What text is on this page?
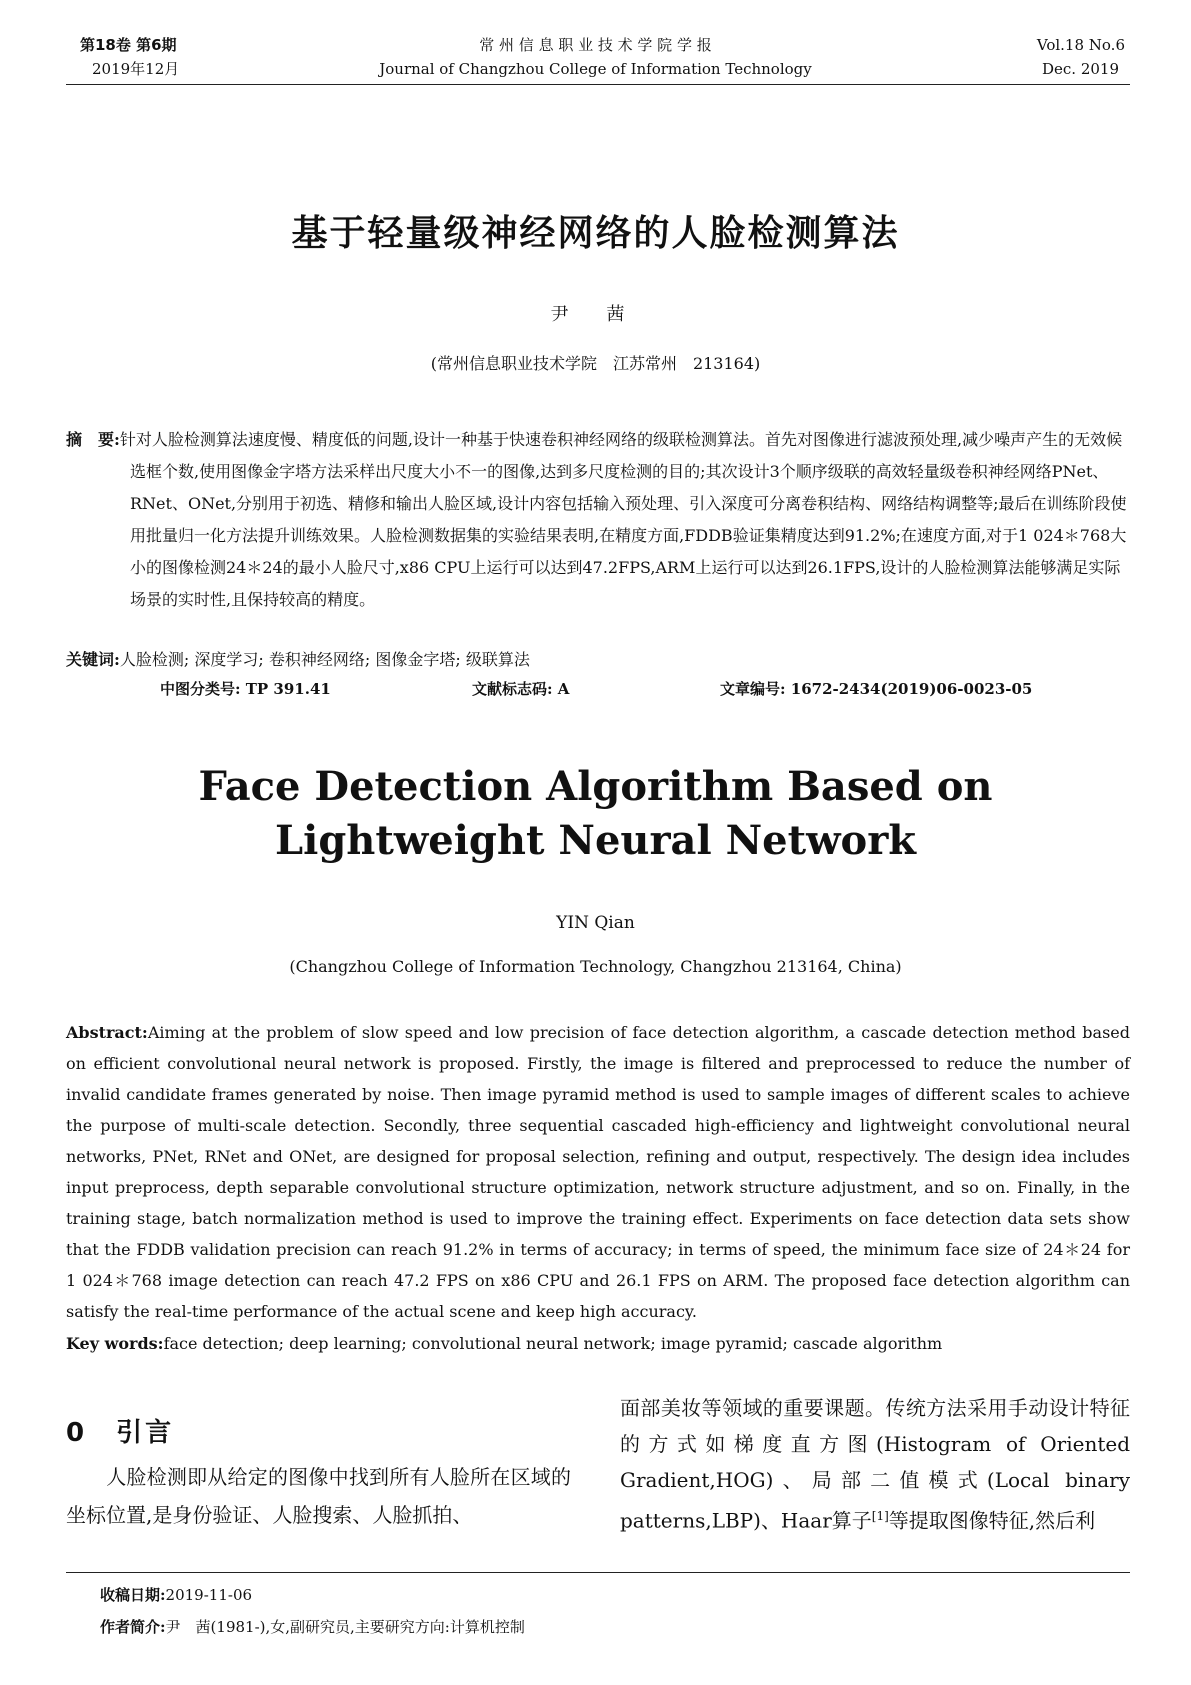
第18卷 第6期
2019年12月
常 州 信 息 职 业 技 术 学 院 学 报
Journal of Changzhou College of Information Technology
Vol.18 No.6
Dec. 2019
基于轻量级神经网络的人脸检测算法
尹 茜
(常州信息职业技术学院　江苏常州　213164)
摘　要:针对人脸检测算法速度慢、精度低的问题,设计一种基于快速卷积神经网络的级联检测算法。首先对图像进行滤波预处理,减少噪声产生的无效候选框个数,使用图像金字塔方法采样出尺度大小不一的图像,达到多尺度检测的目的;其次设计3个顺序级联的高效轻量级卷积神经网络PNet、RNet、ONet,分别用于初选、精修和输出人脸区域,设计内容包括输入预处理、引入深度可分离卷积结构、网络结构调整等;最后在训练阶段使用批量归一化方法提升训练效果。人脸检测数据集的实验结果表明,在精度方面,FDDB验证集精度达到91.2%;在速度方面,对于1 024＊768大小的图像检测24＊24的最小人脸尺寸,x86 CPU上运行可以达到47.2FPS,ARM上运行可以达到26.1FPS,设计的人脸检测算法能够满足实际场景的实时性,且保持较高的精度。
关键词:人脸检测; 深度学习; 卷积神经网络; 图像金字塔; 级联算法
中图分类号: TP 391.41	文献标志码: A	文章编号: 1672-2434(2019)06-0023-05
Face Detection Algorithm Based on
Lightweight Neural Network
YIN Qian
(Changzhou College of Information Technology, Changzhou 213164, China)
Abstract:Aiming at the problem of slow speed and low precision of face detection algorithm, a cascade detection method based on efficient convolutional neural network is proposed. Firstly, the image is filtered and preprocessed to reduce the number of invalid candidate frames generated by noise. Then image pyramid method is used to sample images of different scales to achieve the purpose of multi-scale detection. Secondly, three sequential cascaded high-efficiency and lightweight convolutional neural networks, PNet, RNet and ONet, are designed for proposal selection, refining and output, respectively. The design idea includes input preprocess, depth separable convolutional structure optimization, network structure adjustment, and so on. Finally, in the training stage, batch normalization method is used to improve the training effect. Experiments on face detection data sets show that the FDDB validation precision can reach 91.2% in terms of accuracy; in terms of speed, the minimum face size of 24＊24 for 1 024＊768 image detection can reach 47.2 FPS on x86 CPU and 26.1 FPS on ARM. The proposed face detection algorithm can satisfy the real-time performance of the actual scene and keep high accuracy.
Key words:face detection; deep learning; convolutional neural network; image pyramid; cascade algorithm
0　引言
人脸检测即从给定的图像中找到所有人脸所在区域的坐标位置,是身份验证、人脸搜索、人脸抓拍、
面部美妆等领域的重要课题。传统方法采用手动设计特征的方式如梯度直方图(Histogram of Oriented Gradient,HOG)、局部二值模式(Local binary patterns,LBP)、Haar算子[1]等提取图像特征,然后利
收稿日期:2019-11-06
作者简介:尹　茜(1981-),女,副研究员,主要研究方向:计算机控制
